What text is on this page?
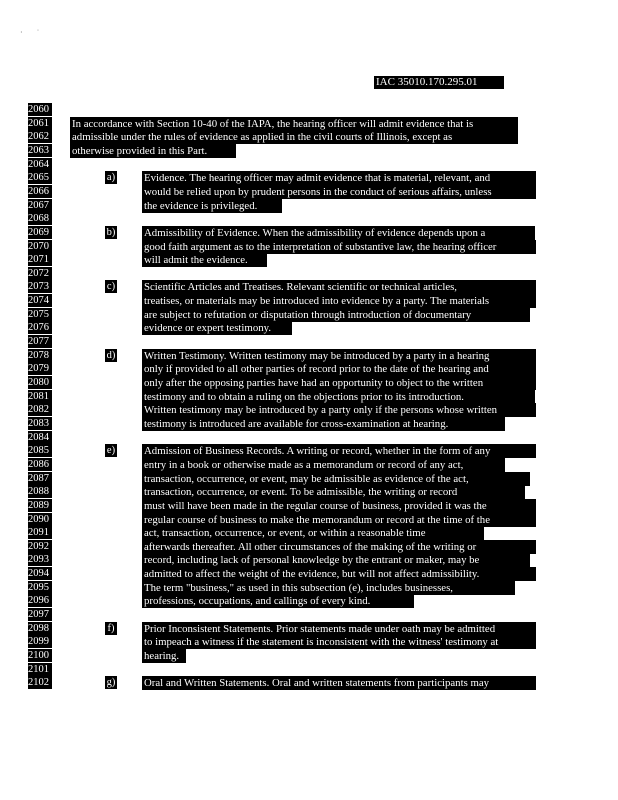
·       ˙
IAC 35010.170.295.01
2060
2061 In accordance with Section 10-40 of the IAPA, the hearing officer will admit evidence that is
2062 admissible under the rules of evidence as applied in the civil courts of Illinois, except as
2063 otherwise provided in this Part.
2064
2065	a)	Evidence. The hearing officer may admit evidence that is material, relevant, and
2066	would be relied upon by prudent persons in the conduct of serious affairs, unless
2067	the evidence is privileged.
2068
2069	b)	Admissibility of Evidence. When the admissibility of evidence depends upon a
2070	good faith argument as to the interpretation of substantive law, the hearing officer
2071	will admit the evidence.
2072
2073	c)	Scientific Articles and Treatises. Relevant scientific or technical articles,
2074	treatises, or materials may be introduced into evidence by a party. The materials
2075	are subject to refutation or disputation through introduction of documentary
2076	evidence or expert testimony.
2077
2078	d)	Written Testimony. Written testimony may be introduced by a party in a hearing
2079	only if provided to all other parties of record prior to the date of the hearing and
2080	only after the opposing parties have had an opportunity to object to the written
2081	testimony and to obtain a ruling on the objections prior to its introduction.
2082	Written testimony may be introduced by a party only if the persons whose written
2083	testimony is introduced are available for cross-examination at hearing.
2084
2085	e)	Admission of Business Records. A writing or record, whether in the form of any
2086	entry in a book or otherwise made as a memorandum or record of any act,
2087	transaction, occurrence, or event, may be admissible as evidence of the act,
2088	transaction, occurrence, or event. To be admissible, the writing or record
2089	must will have been made in the regular course of business, provided it was the
2090	regular course of business to make the memorandum or record at the time of the
2091	act, transaction, occurrence, or event, or within a reasonable time
2092	afterwards thereafter. All other circumstances of the making of the writing or
2093	record, including lack of personal knowledge by the entrant or maker, may be
2094	admitted to affect the weight of the evidence, but will not affect admissibility.
2095	The term "business," as used in this subsection (e), includes businesses,
2096	professions, occupations, and callings of every kind.
2097
2098	f)	Prior Inconsistent Statements. Prior statements made under oath may be admitted
2099	to impeach a witness if the statement is inconsistent with the witness' testimony at
2100	hearing.
2101
2102	g)	Oral and Written Statements. Oral and written statements from participants may
